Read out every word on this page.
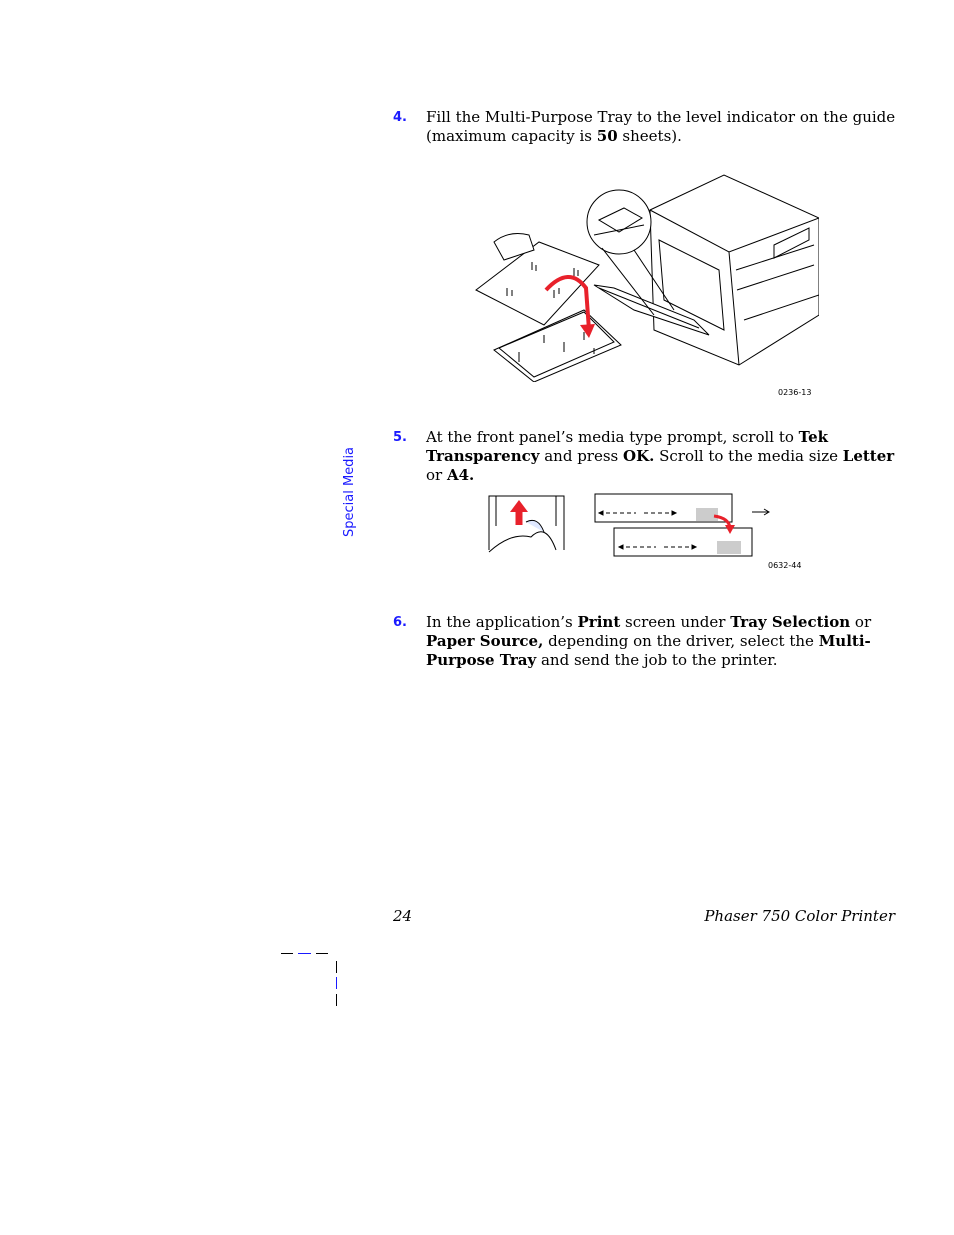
Special Media
4. Fill the Multi-Purpose Tray to the level indicator on the guide (maximum capacity is 50 sheets).
0236-13
5. At the front panel’s media type prompt, scroll to Tek Transparency and press OK. Scroll to the media size Letter or A4.
0632-44
6. In the application’s Print screen under Tray Selection or Paper Source, depending on the driver, select the Multi-Purpose Tray and send the job to the printer.
24	Phaser 750 Color Printer
